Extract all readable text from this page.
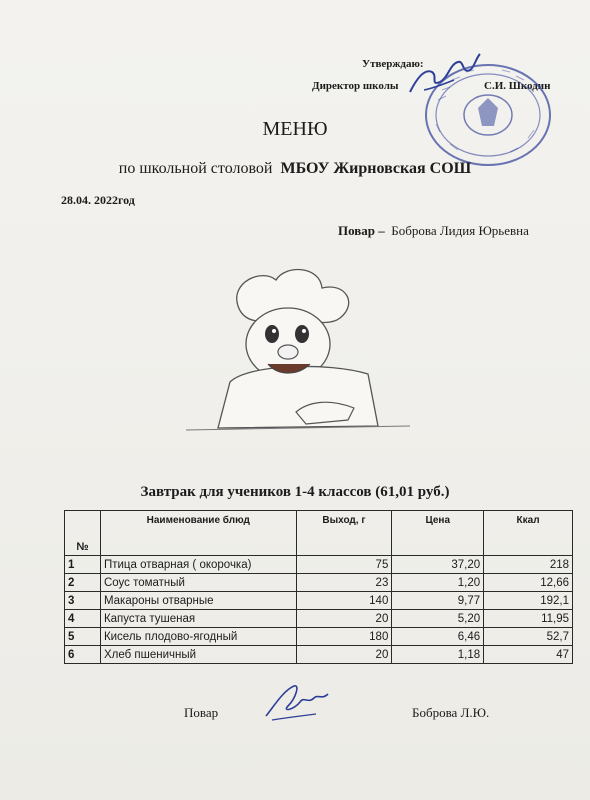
Утверждаю:
Директор школы	С.И. Шкодин
МЕНЮ
по школьной столовой МБОУ Жирновская СОШ
28.04. 2022год
Повар – Боброва Лидия Юрьевна
Завтрак для учеников 1-4 классов (61,01 руб.)
№	Наименование блюд	Выход, г	Цена	Ккал
1	Птица отварная ( окорочка)	75	37,20	218
2	Соус томатный	23	1,20	12,66
3	Макароны отварные	140	9,77	192,1
4	Капуста тушеная	20	5,20	11,95
5	Кисель плодово-ягодный	180	6,46	52,7
6	Хлеб пшеничный	20	1,18	47
Повар	Боброва Л.Ю.
